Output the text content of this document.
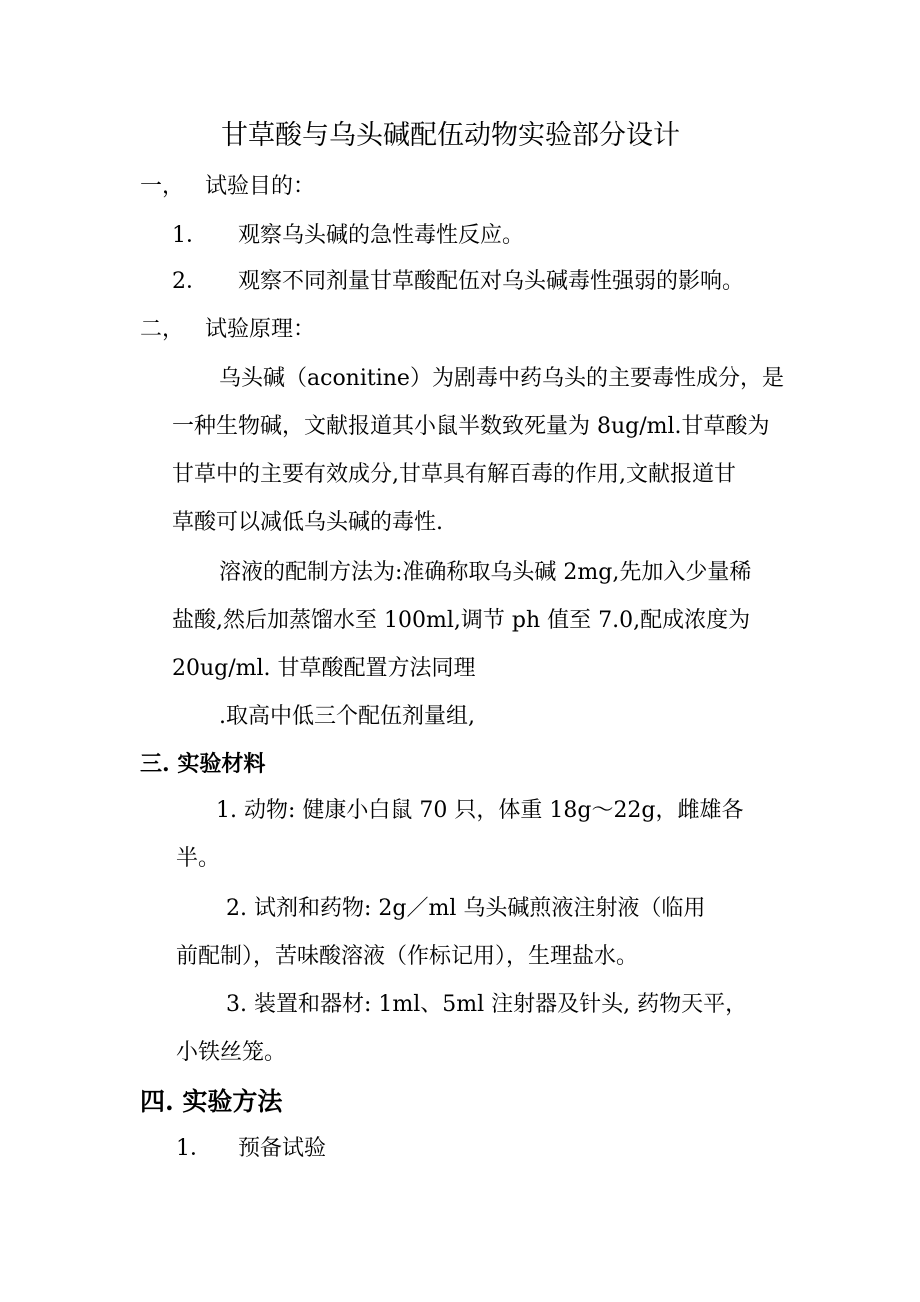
甘草酸与乌头碱配伍动物实验部分设计
一， 试验目的：
1． 观察乌头碱的急性毒性反应。
2． 观察不同剂量甘草酸配伍对乌头碱毒性强弱的影响。
二， 试验原理：
乌头碱（aconitine）为剧毒中药乌头的主要毒性成分，是
一种生物碱，文献报道其小鼠半数致死量为 8ug/ml.甘草酸为
甘草中的主要有效成分,甘草具有解百毒的作用,文献报道甘
草酸可以减低乌头碱的毒性.
溶液的配制方法为:准确称取乌头碱 2mg,先加入少量稀
盐酸,然后加蒸馏水至 100ml,调节 ph 值至 7.0,配成浓度为
20ug/ml. 甘草酸配置方法同理
.取高中低三个配伍剂量组,
三. 实验材料
1. 动物: 健康小白鼠 70 只，体重 18g～22g，雌雄各
半。
2. 试剂和药物: 2g／ml 乌头碱煎液注射液（临用
前配制），苦味酸溶液（作标记用），生理盐水。
3. 装置和器材: 1ml、5ml 注射器及针头, 药物天平，
小铁丝笼。
四. 实验方法
1． 预备试验
